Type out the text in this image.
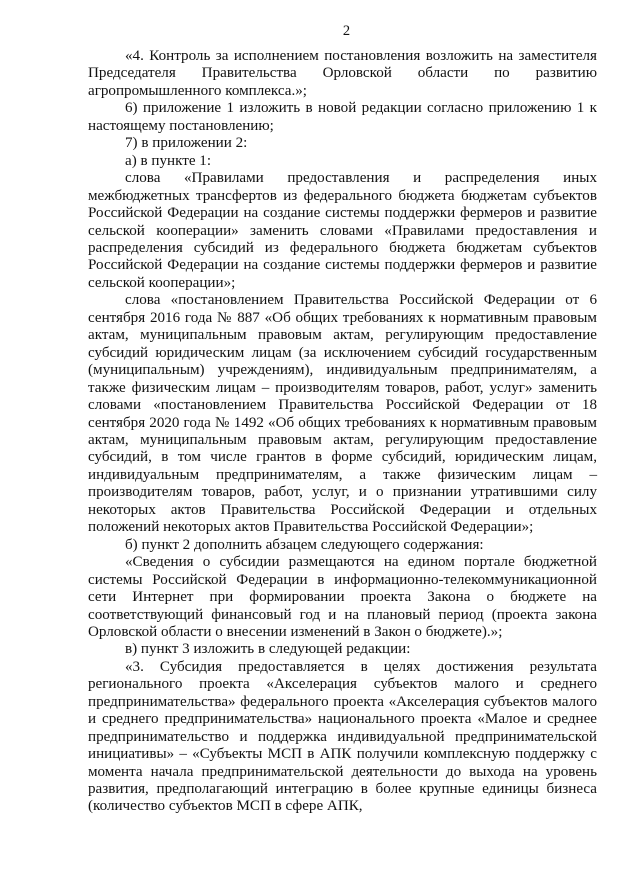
2

«4. Контроль за исполнением постановления возложить на заместителя Председателя Правительства Орловской области по развитию агропромышленного комплекса.»;

6) приложение 1 изложить в новой редакции согласно приложению 1 к настоящему постановлению;

7) в приложении 2:

а) в пункте 1:

слова «Правилами предоставления и распределения иных межбюджетных трансфертов из федерального бюджета бюджетам субъектов Российской Федерации на создание системы поддержки фермеров и развитие сельской кооперации» заменить словами «Правилами предоставления и распределения субсидий из федерального бюджета бюджетам субъектов Российской Федерации на создание системы поддержки фермеров и развитие сельской кооперации»;

слова «постановлением Правительства Российской Федерации от 6 сентября 2016 года № 887 «Об общих требованиях к нормативным правовым актам, муниципальным правовым актам, регулирующим предоставление субсидий юридическим лицам (за исключением субсидий государственным (муниципальным) учреждениям), индивидуальным предпринимателям, а также физическим лицам – производителям товаров, работ, услуг» заменить словами «постановлением Правительства Российской Федерации от 18 сентября 2020 года № 1492 «Об общих требованиях к нормативным правовым актам, муниципальным правовым актам, регулирующим предоставление субсидий, в том числе грантов в форме субсидий, юридическим лицам, индивидуальным предпринимателям, а также физическим лицам – производителям товаров, работ, услуг, и о признании утратившими силу некоторых актов Правительства Российской Федерации и отдельных положений некоторых актов Правительства Российской Федерации»;

б) пункт 2 дополнить абзацем следующего содержания:

«Сведения о субсидии размещаются на едином портале бюджетной системы Российской Федерации в информационно-телекоммуникационной сети Интернет при формировании проекта Закона о бюджете на соответствующий финансовый год и на плановый период (проекта закона Орловской области о внесении изменений в Закон о бюджете).»;

в) пункт 3 изложить в следующей редакции:

«3. Субсидия предоставляется в целях достижения результата регионального проекта «Акселерация субъектов малого и среднего предпринимательства» федерального проекта «Акселерация субъектов малого и среднего предпринимательства» национального проекта «Малое и среднее предпринимательство и поддержка индивидуальной предпринимательской инициативы» – «Субъекты МСП в АПК получили комплексную поддержку с момента начала предпринимательской деятельности до выхода на уровень развития, предполагающий интеграцию в более крупные единицы бизнеса (количество субъектов МСП в сфере АПК,
